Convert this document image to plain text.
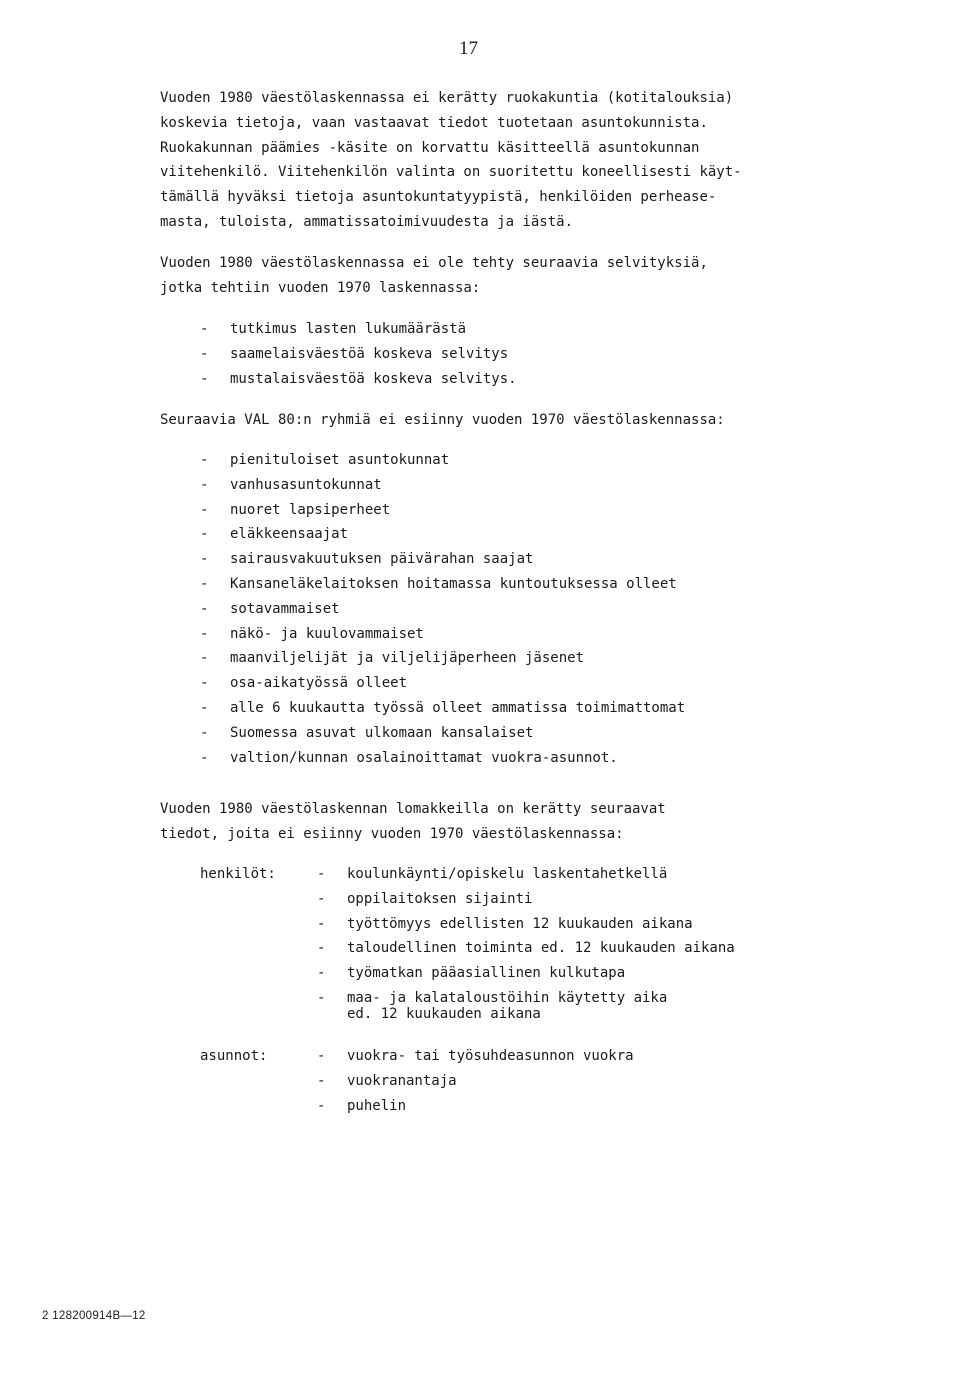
17
Vuoden 1980 väestölaskennassa ei kerätty ruokakuntia (kotitalouksia)
koskevia tietoja, vaan vastaavat tiedot tuotetaan asuntokunnista.
Ruokakunnan päämies -käsite on korvattu käsitteellä asuntokunnan
viitehenkilö. Viitehenkilön valinta on suoritettu koneellisesti käyt-
tämällä hyväksi tietoja asuntokuntatyypistä, henkilöiden perhease-
masta, tuloista, ammatissatoimivuudesta ja iästä.
Vuoden 1980 väestölaskennassa ei ole tehty seuraavia selvityksiä,
jotka tehtiin vuoden 1970 laskennassa:
-	tutkimus lasten lukumäärästä
-	saamelaisväestöä koskeva selvitys
-	mustalaisväestöä koskeva selvitys.
Seuraavia VAL 80:n ryhmiä ei esiinny vuoden 1970 väestölaskennassa:
-	pienituloiset asuntokunnat
-	vanhusasuntokunnat
-	nuoret lapsiperheet
-	eläkkeensaajat
-	sairausvakuutuksen päivärahan saajat
-	Kansaneläkelaitoksen hoitamassa kuntoutuksessa olleet
-	sotavammaiset
-	näkö- ja kuulovammaiset
-	maanviljelijät ja viljelijäperheen jäsenet
-	osa-aikatyössä olleet
-	alle 6 kuukautta työssä olleet ammatissa toimimattomat
-	Suomessa asuvat ulkomaan kansalaiset
-	valtion/kunnan osalainoittamat vuokra-asunnot.
Vuoden 1980 väestölaskennan lomakkeilla on kerätty seuraavat
tiedot, joita ei esiinny vuoden 1970 väestölaskennassa:
henkilöt:	-	koulunkäynti/opiskelu laskentahetkellä
-	oppilaitoksen sijainti
-	työttömyys edellisten 12 kuukauden aikana
-	taloudellinen toiminta ed. 12 kuukauden aikana
-	työmatkan pääasiallinen kulkutapa
-	maa- ja kalataloustöihin käytetty aika
ed. 12 kuukauden aikana
asunnot:	-	vuokra- tai työsuhdeasunnon vuokra
-	vuokranantaja
-	puhelin
2 128200914B—12
